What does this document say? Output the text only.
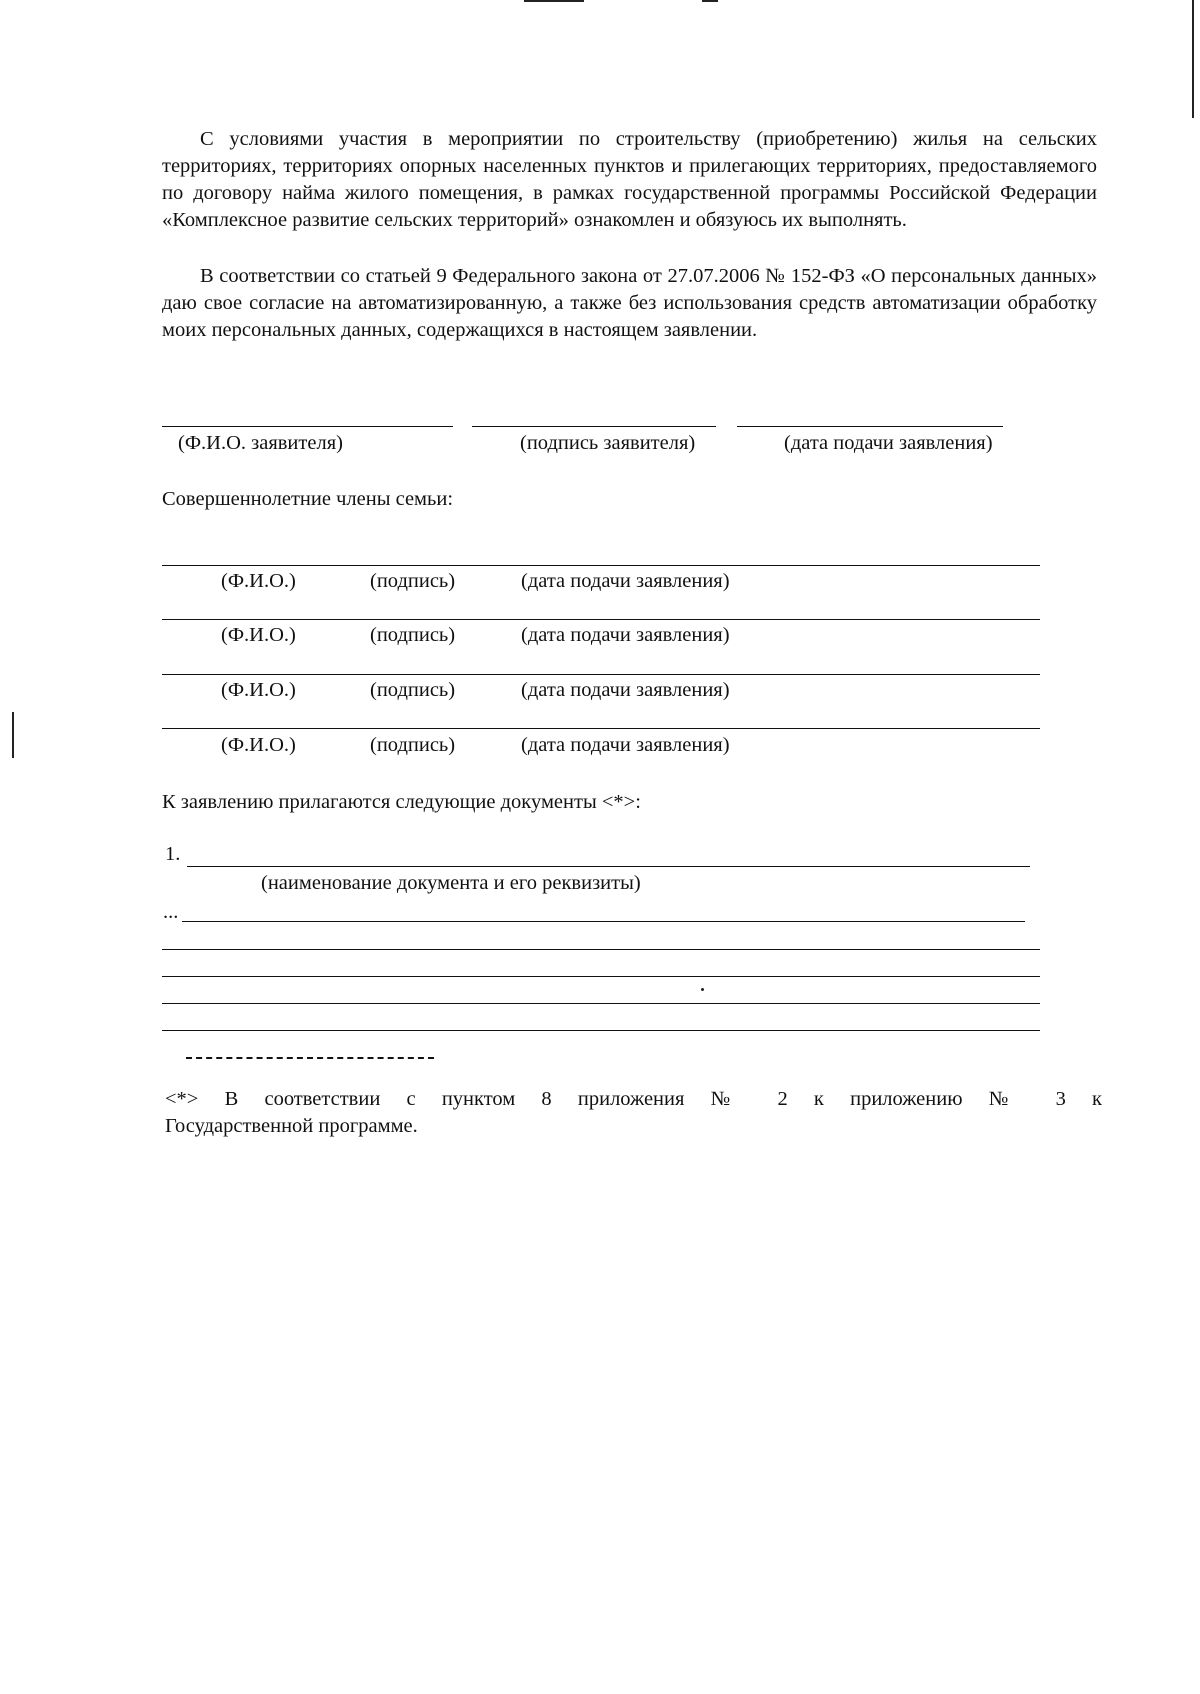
С условиями участия в мероприятии по строительству (приобретению) жилья на сельских территориях, территориях опорных населенных пунктов и прилегающих территориях, предоставляемого по договору найма жилого помещения, в рамках государственной программы Российской Федерации «Комплексное развитие сельских территорий» ознакомлен и обязуюсь их выполнять.

В соответствии со статьей 9 Федерального закона от 27.07.2006 № 152-ФЗ «О персональных данных» даю свое согласие на автоматизированную, а также без использования средств автоматизации обработку моих персональных данных, содержащихся в настоящем заявлении.

(Ф.И.О. заявителя)	(подпись заявителя)	(дата подачи заявления)
Совершеннолетние члены семьи:
(Ф.И.О.)	(подпись)	(дата подачи заявления)
(Ф.И.О.)	(подпись)	(дата подачи заявления)
(Ф.И.О.)	(подпись)	(дата подачи заявления)
(Ф.И.О.)	(подпись)	(дата подачи заявления)
К заявлению прилагаются следующие документы <*>:
1.
(наименование документа и его реквизиты)
...

<*> В соответствии с пунктом 8 приложения № 2 к приложению № 3 к
Государственной программе.
